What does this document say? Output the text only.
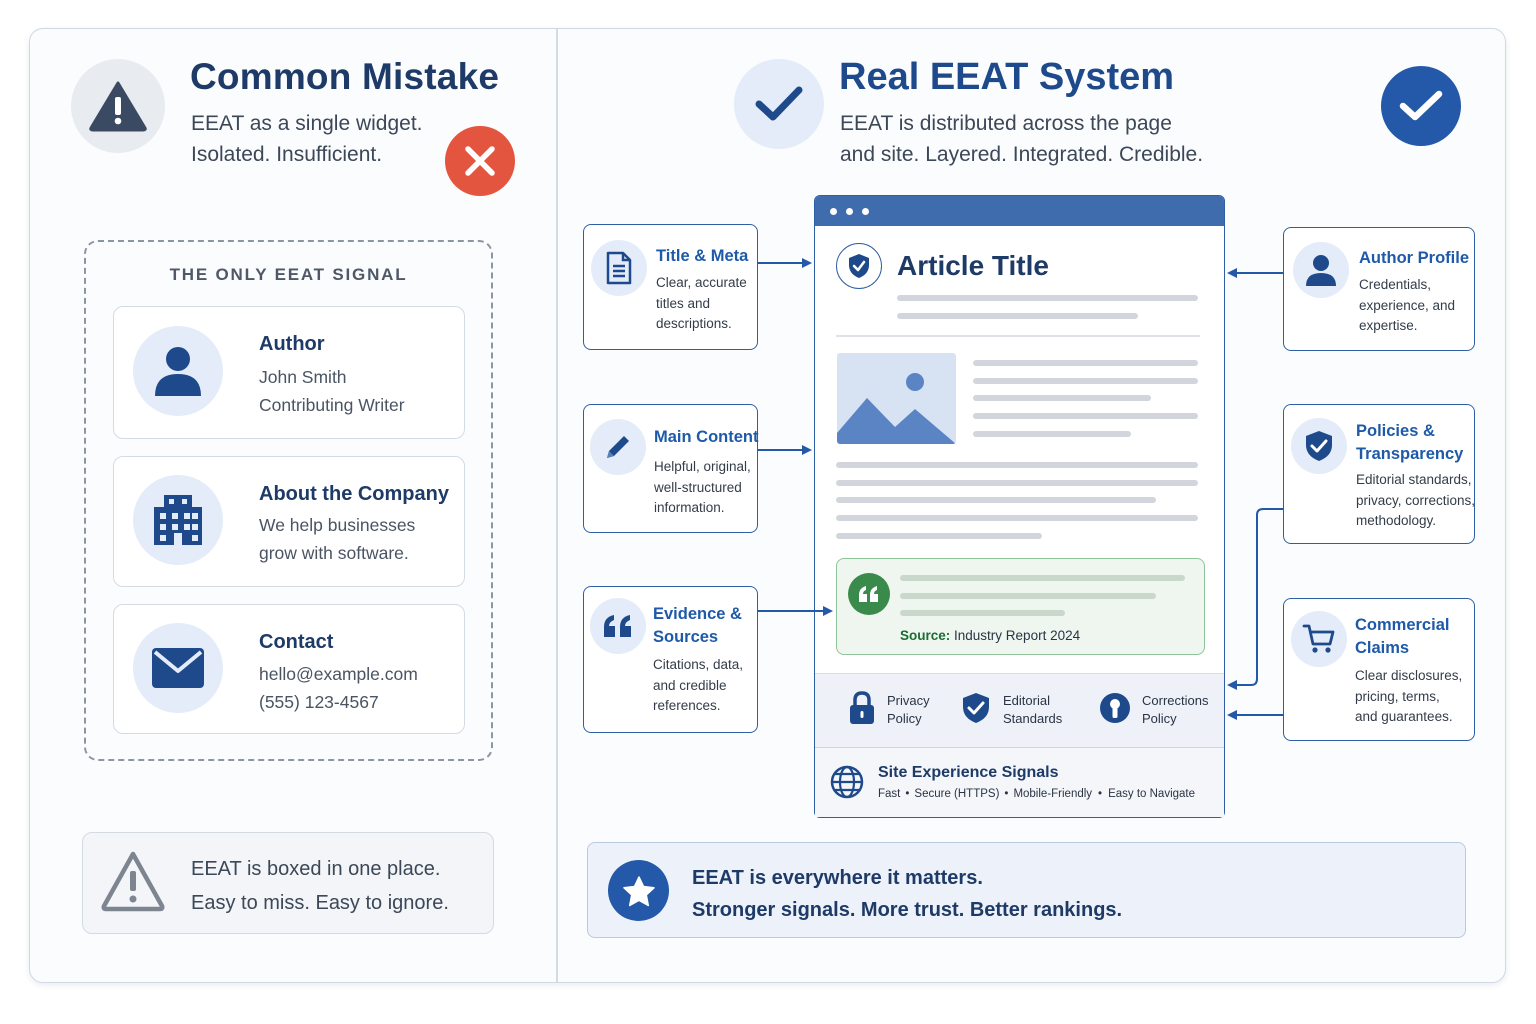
Common Mistake
EEAT as a single widget.
Isolated. Insufficient.
THE ONLY EEAT SIGNAL
Author
John Smith
Contributing Writer
About the Company
We help businesses
grow with software.
Contact
hello@example.com
(555) 123-4567
EEAT is boxed in one place.
Easy to miss. Easy to ignore.
Real EEAT System
EEAT is distributed across the page
and site. Layered. Integrated. Credible.
Title & Meta
Clear, accurate
titles and
descriptions.
Main Content
Helpful, original,
well-structured
information.
Evidence &
Sources
Citations, data,
and credible
references.
Author Profile
Credentials,
experience, and
expertise.
Policies &
Transparency
Editorial standards,
privacy, corrections,
methodology.
Commercial
Claims
Clear disclosures,
pricing, terms,
and guarantees.
Article Title
Source: Industry Report 2024
Privacy
Policy
Editorial
Standards
Corrections
Policy
Site Experience Signals
Fast • Secure (HTTPS) • Mobile-Friendly • Easy to Navigate
EEAT is everywhere it matters.
Stronger signals. More trust. Better rankings.
